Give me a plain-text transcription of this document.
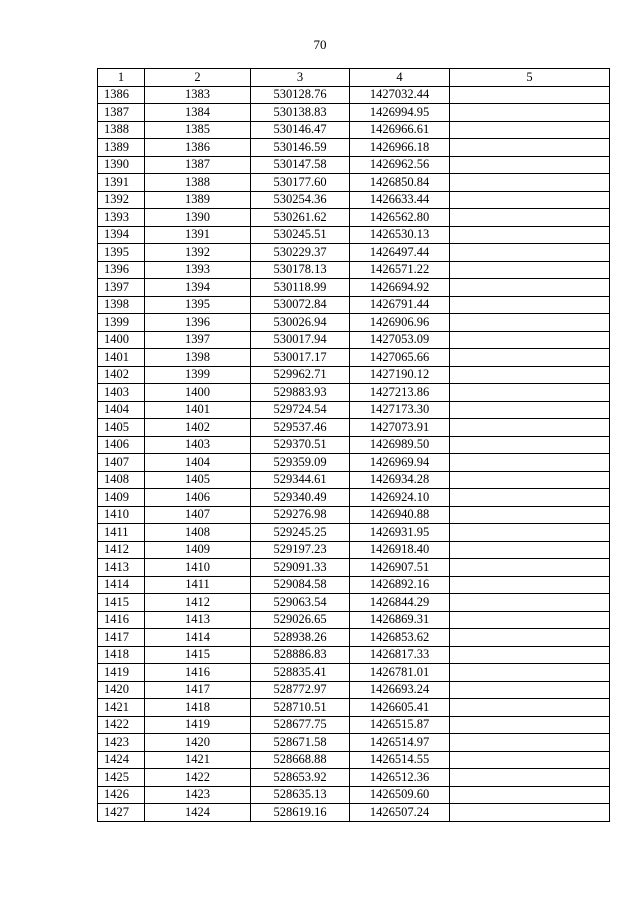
70
1	2	3	4	5
1386	1383	530128.76	1427032.44	
1387	1384	530138.83	1426994.95	
1388	1385	530146.47	1426966.61	
1389	1386	530146.59	1426966.18	
1390	1387	530147.58	1426962.56	
1391	1388	530177.60	1426850.84	
1392	1389	530254.36	1426633.44	
1393	1390	530261.62	1426562.80	
1394	1391	530245.51	1426530.13	
1395	1392	530229.37	1426497.44	
1396	1393	530178.13	1426571.22	
1397	1394	530118.99	1426694.92	
1398	1395	530072.84	1426791.44	
1399	1396	530026.94	1426906.96	
1400	1397	530017.94	1427053.09	
1401	1398	530017.17	1427065.66	
1402	1399	529962.71	1427190.12	
1403	1400	529883.93	1427213.86	
1404	1401	529724.54	1427173.30	
1405	1402	529537.46	1427073.91	
1406	1403	529370.51	1426989.50	
1407	1404	529359.09	1426969.94	
1408	1405	529344.61	1426934.28	
1409	1406	529340.49	1426924.10	
1410	1407	529276.98	1426940.88	
1411	1408	529245.25	1426931.95	
1412	1409	529197.23	1426918.40	
1413	1410	529091.33	1426907.51	
1414	1411	529084.58	1426892.16	
1415	1412	529063.54	1426844.29	
1416	1413	529026.65	1426869.31	
1417	1414	528938.26	1426853.62	
1418	1415	528886.83	1426817.33	
1419	1416	528835.41	1426781.01	
1420	1417	528772.97	1426693.24	
1421	1418	528710.51	1426605.41	
1422	1419	528677.75	1426515.87	
1423	1420	528671.58	1426514.97	
1424	1421	528668.88	1426514.55	
1425	1422	528653.92	1426512.36	
1426	1423	528635.13	1426509.60	
1427	1424	528619.16	1426507.24	
